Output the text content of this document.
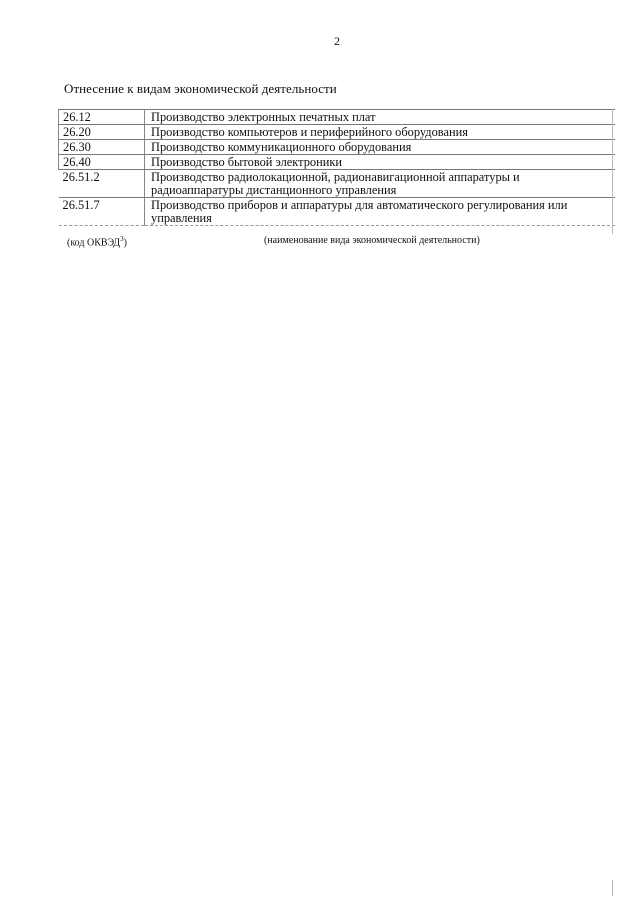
2
Отнесение к видам экономической деятельности
26.12	Производство электронных печатных плат
26.20	Производство компьютеров и периферийного оборудования
26.30	Производство коммуникационного оборудования
26.40	Производство бытовой электроники
26.51.2	Производство радиолокационной, радионавигационной аппаратуры и радиоаппаратуры дистанционного управления
26.51.7	Производство приборов и аппаратуры для автоматического регулирования или управления
(код ОКВЭД$^3$)	(наименование вида экономической деятельности)
